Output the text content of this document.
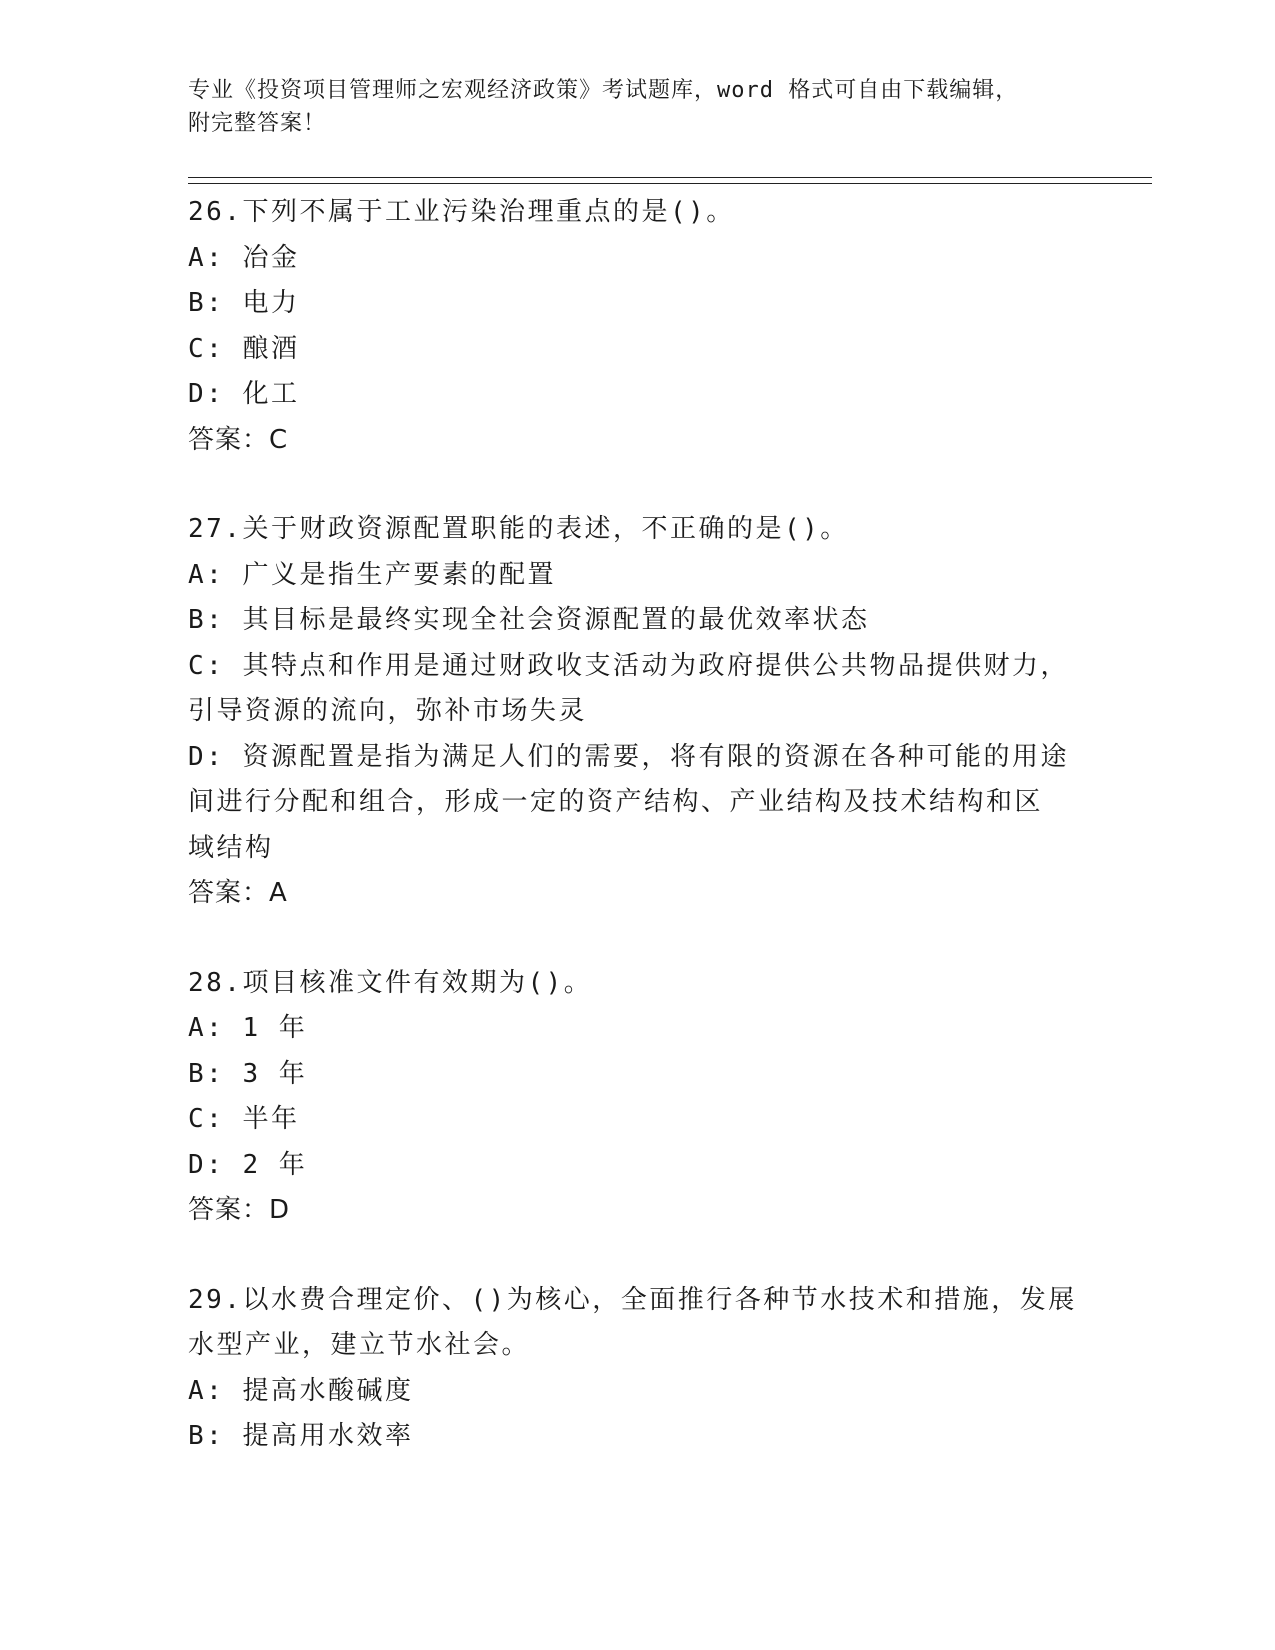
专业《投资项目管理师之宏观经济政策》考试题库，word 格式可自由下载编辑，
附完整答案！
26.下列不属于工业污染治理重点的是()。
A: 冶金
B: 电力
C: 酿酒
D: 化工
答案：C
27.关于财政资源配置职能的表述，不正确的是()。
A: 广义是指生产要素的配置
B: 其目标是最终实现全社会资源配置的最优效率状态
C: 其特点和作用是通过财政收支活动为政府提供公共物品提供财力，
引导资源的流向，弥补市场失灵
D: 资源配置是指为满足人们的需要，将有限的资源在各种可能的用途
间进行分配和组合，形成一定的资产结构、产业结构及技术结构和区
域结构
答案：A
28.项目核准文件有效期为()。
A: 1 年
B: 3 年
C: 半年
D: 2 年
答案：D
29.以水费合理定价、()为核心，全面推行各种节水技术和措施，发展
水型产业，建立节水社会。
A: 提高水酸碱度
B: 提高用水效率
